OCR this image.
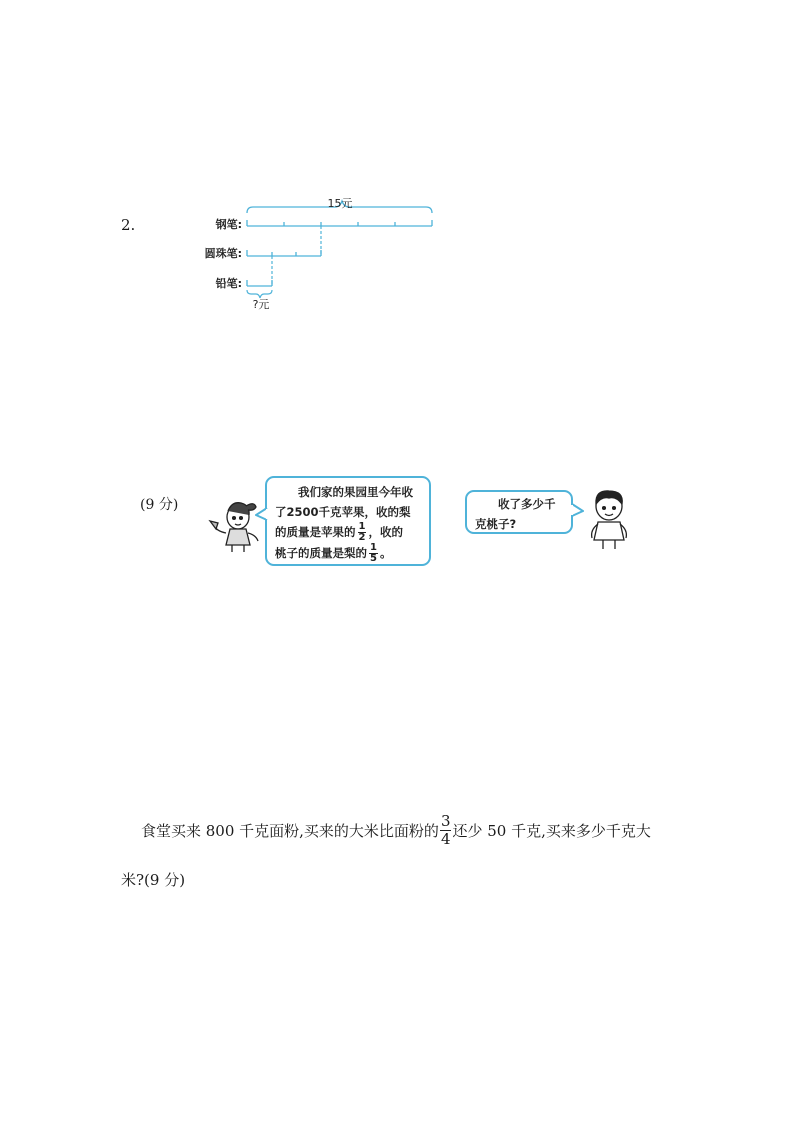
2.
15元
钢笔:
圆珠笔:
铅笔:
?元
(9 分)
我们家的果园里今年收
了2500千克苹果，收的梨
的质量是苹果的 $\frac{1}{2}$ ，收的
桃子的质量是梨的 $\frac{1}{5}$ 。
收了多少千
克桃子?
食堂买来 800 千克面粉,买来的大米比面粉的
3
4 还少 50 千克,买来多少千克大
米?(9 分)
